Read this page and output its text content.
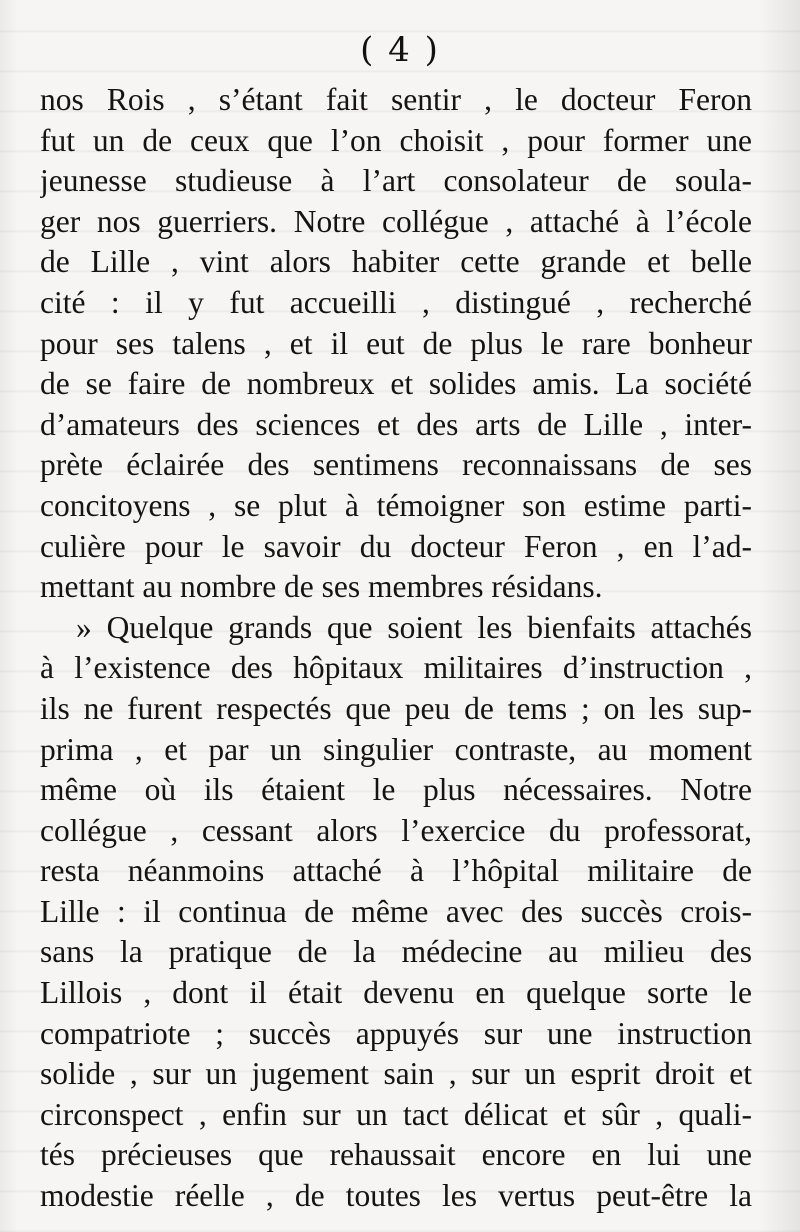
( 4 )
nos Rois , s’étant fait sentir , le docteur Feron
fut un de ceux que l’on choisit , pour former une
jeunesse studieuse à l’art consolateur de soula-
ger nos guerriers. Notre collégue , attaché à l’école
de Lille , vint alors habiter cette grande et belle
cité : il y fut accueilli , distingué , recherché
pour ses talens , et il eut de plus le rare bonheur
de se faire de nombreux et solides amis. La société
d’amateurs des sciences et des arts de Lille , inter-
prète éclairée des sentimens reconnaissans de ses
concitoyens , se plut à témoigner son estime parti-
culière pour le savoir du docteur Feron , en l’ad-
mettant au nombre de ses membres résidans.
» Quelque grands que soient les bienfaits attachés
à l’existence des hôpitaux militaires d’instruction ,
ils ne furent respectés que peu de tems ; on les sup-
prima , et par un singulier contraste, au moment
même où ils étaient le plus nécessaires. Notre
collégue , cessant alors l’exercice du professorat,
resta néanmoins attaché à l’hôpital militaire de
Lille : il continua de même avec des succès crois-
sans la pratique de la médecine au milieu des
Lillois , dont il était devenu en quelque sorte le
compatriote ; succès appuyés sur une instruction
solide , sur un jugement sain , sur un esprit droit et
circonspect , enfin sur un tact délicat et sûr , quali-
tés précieuses que rehaussait encore en lui une
modestie réelle , de toutes les vertus peut-être la
